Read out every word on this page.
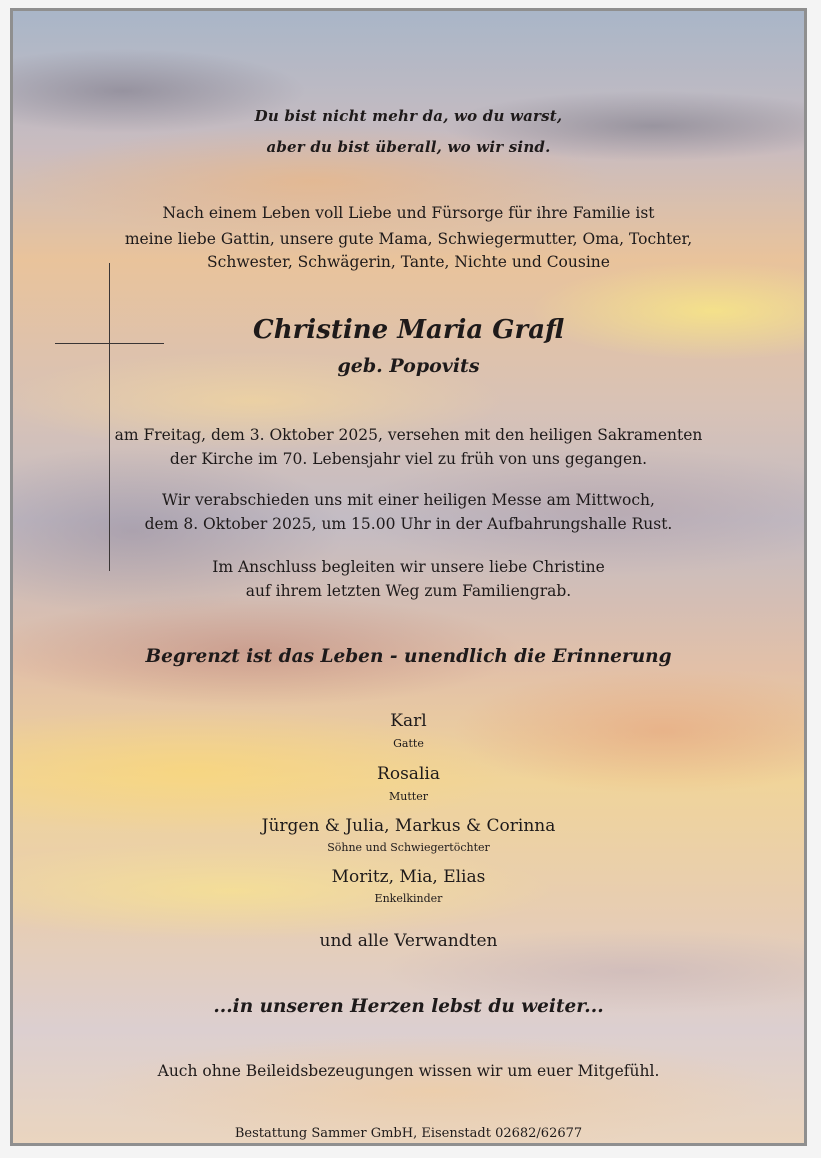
Du bist nicht mehr da, wo du warst,
aber du bist überall, wo wir sind.
Nach einem Leben voll Liebe und Fürsorge für ihre Familie ist
meine liebe Gattin, unsere gute Mama, Schwiegermutter, Oma, Tochter,
Schwester, Schwägerin, Tante, Nichte und Cousine
Christine Maria Grafl
geb. Popovits
am Freitag, dem 3. Oktober 2025, versehen mit den heiligen Sakramenten
der Kirche im 70. Lebensjahr viel zu früh von uns gegangen.
Wir verabschieden uns mit einer heiligen Messe am Mittwoch,
dem 8. Oktober 2025, um 15.00 Uhr in der Aufbahrungshalle Rust.
Im Anschluss begleiten wir unsere liebe Christine
auf ihrem letzten Weg zum Familiengrab.
Begrenzt ist das Leben - unendlich die Erinnerung
Karl
Gatte
Rosalia
Mutter
Jürgen & Julia, Markus & Corinna
Söhne und Schwiegertöchter
Moritz, Mia, Elias
Enkelkinder
und alle Verwandten
...in unseren Herzen lebst du weiter...
Auch ohne Beileidsbezeugungen wissen wir um euer Mitgefühl.
Bestattung Sammer GmbH, Eisenstadt 02682/62677
